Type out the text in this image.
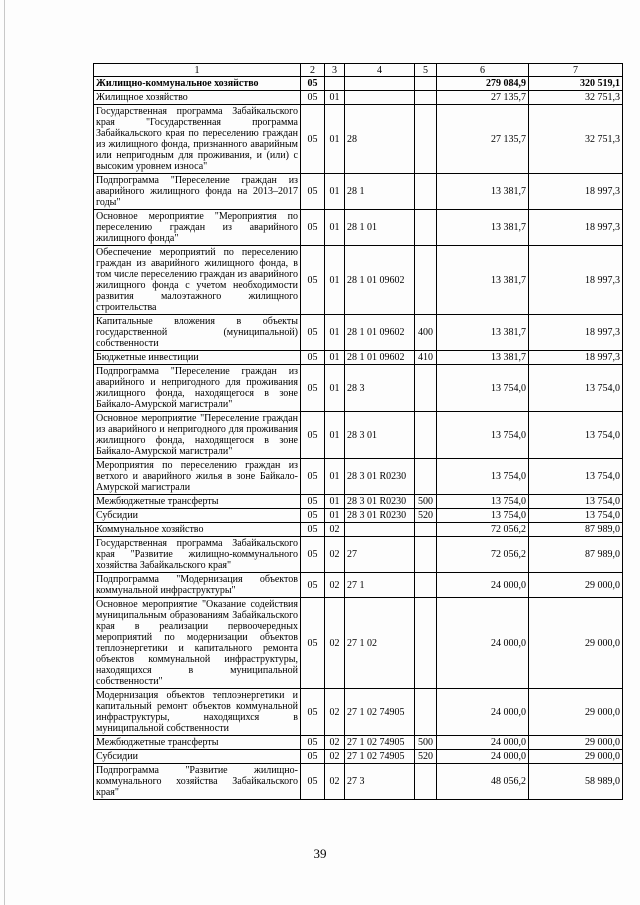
1	2	3	4	5	6	7
Жилищно-коммунальное хозяйство	05				279 084,9	320 519,1
Жилищное хозяйство	05	01			27 135,7	32 751,3
Государственная программа Забайкальского края "Государственная программа Забайкальского края по переселению граждан из жилищного фонда, признанного аварийным или непригодным для проживания, и (или) с высоким уровнем износа"	05	01	28		27 135,7	32 751,3
Подпрограмма "Переселение граждан из аварийного жилищного фонда на 2013–2017 годы"	05	01	28 1		13 381,7	18 997,3
Основное мероприятие "Мероприятия по переселению граждан из аварийного жилищного фонда"	05	01	28 1 01		13 381,7	18 997,3
Обеспечение мероприятий по переселению граждан из аварийного жилищного фонда, в том числе переселению граждан из аварийного жилищного фонда с учетом необходимости развития малоэтажного жилищного строительства	05	01	28 1 01 09602		13 381,7	18 997,3
Капитальные вложения в объекты государственной (муниципальной) собственности	05	01	28 1 01 09602	400	13 381,7	18 997,3
Бюджетные инвестиции	05	01	28 1 01 09602	410	13 381,7	18 997,3
Подпрограмма "Переселение граждан из аварийного и непригодного для проживания жилищного фонда, находящегося в зоне Байкало-Амурской магистрали"	05	01	28 3		13 754,0	13 754,0
Основное мероприятие "Переселение граждан из аварийного и непригодного для проживания жилищного фонда, находящегося в зоне Байкало-Амурской магистрали"	05	01	28 3 01		13 754,0	13 754,0
Мероприятия по переселению граждан из ветхого и аварийного жилья в зоне Байкало-Амурской магистрали	05	01	28 3 01 R0230		13 754,0	13 754,0
Межбюджетные трансферты	05	01	28 3 01 R0230	500	13 754,0	13 754,0
Субсидии	05	01	28 3 01 R0230	520	13 754,0	13 754,0
Коммунальное хозяйство	05	02			72 056,2	87 989,0
Государственная программа Забайкальского края "Развитие жилищно-коммунального хозяйства Забайкальского края"	05	02	27		72 056,2	87 989,0
Подпрограмма "Модернизация объектов коммунальной инфраструктуры"	05	02	27 1		24 000,0	29 000,0
Основное мероприятие "Оказание содействия муниципальным образованиям Забайкальского края в реализации первоочередных мероприятий по модернизации объектов теплоэнергетики и капитального ремонта объектов коммунальной инфраструктуры, находящихся в муниципальной собственности"	05	02	27 1 02		24 000,0	29 000,0
Модернизация объектов теплоэнергетики и капитальный ремонт объектов коммунальной инфраструктуры, находящихся в муниципальной собственности	05	02	27 1 02 74905		24 000,0	29 000,0
Межбюджетные трансферты	05	02	27 1 02 74905	500	24 000,0	29 000,0
Субсидии	05	02	27 1 02 74905	520	24 000,0	29 000,0
Подпрограмма "Развитие жилищно-коммунального хозяйства Забайкальского края"	05	02	27 3		48 056,2	58 989,0
39
